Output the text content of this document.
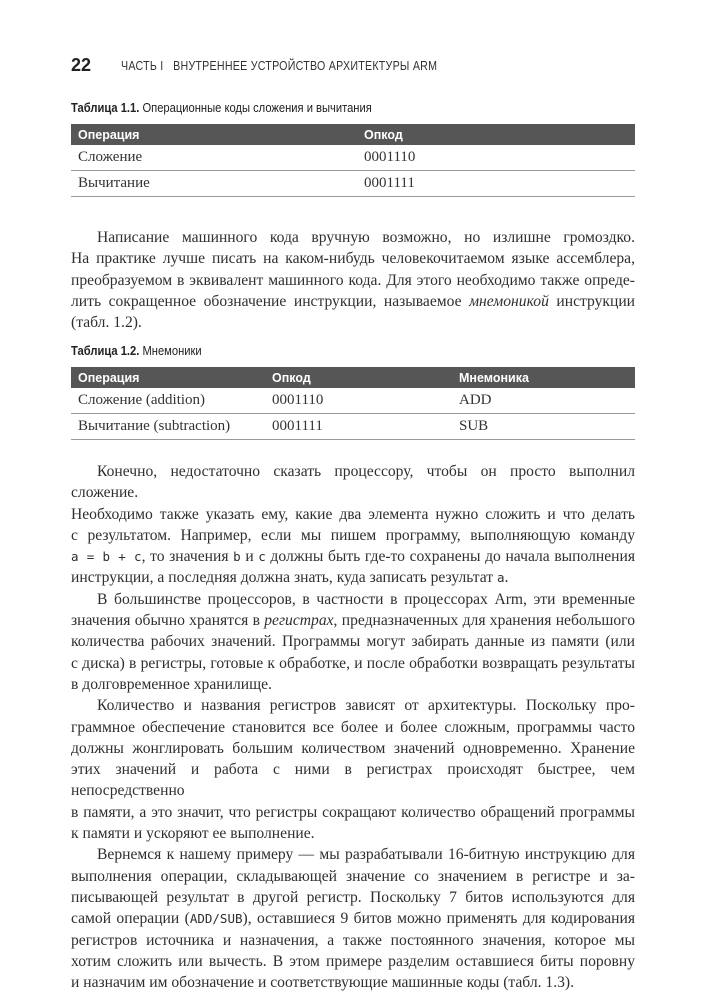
22 ЧАСТЬ I   ВНУТРЕННЕЕ УСТРОЙСТВО АРХИТЕКТУРЫ ARM
Таблица 1.1. Операционные коды сложения и вычитания
Операция	Опкод
Сложение	0001110
Вычитание	0001111
Написание машинного кода вручную возможно, но излишне громоздко.
На практике лучше писать на каком-нибудь человекочитаемом языке ассемблера,
преобразуемом в эквивалент машинного кода. Для этого необходимо также опреде-
лить сокращенное обозначение инструкции, называемое мнемоникой инструкции
(табл. 1.2).
Таблица 1.2. Мнемоники
Операция	Опкод	Мнемоника
Сложение (addition)	0001110	ADD
Вычитание (subtraction)	0001111	SUB
Конечно, недостаточно сказать процессору, чтобы он просто выполнил сложение.
Необходимо также указать ему, какие два элемента нужно сложить и что делать
с результатом. Например, если мы пишем программу, выполняющую команду
a = b + c, то значения b и c должны быть где-то сохранены до начала выполнения
инструкции, а последняя должна знать, куда записать результат a.
В большинстве процессоров, в частности в процессорах Arm, эти временные
значения обычно хранятся в регистрах, предназначенных для хранения небольшого
количества рабочих значений. Программы могут забирать данные из памяти (или
с диска) в регистры, готовые к обработке, и после обработки возвращать результаты
в долговременное хранилище.
Количество и названия регистров зависят от архитектуры. Поскольку про-
граммное обеспечение становится все более и более сложным, программы часто
должны жонглировать большим количеством значений одновременно. Хранение
этих значений и работа с ними в регистрах происходят быстрее, чем непосредственно
в памяти, а это значит, что регистры сокращают количество обращений программы
к памяти и ускоряют ее выполнение.
Вернемся к нашему примеру — мы разрабатывали 16-битную инструкцию для
выполнения операции, складывающей значение со значением в регистре и за-
писывающей результат в другой регистр. Поскольку 7 битов используются для
самой операции (ADD/SUB), оставшиеся 9 битов можно применять для кодирования
регистров источника и назначения, а также постоянного значения, которое мы
хотим сложить или вычесть. В этом примере разделим оставшиеся биты поровну
и назначим им обозначение и соответствующие машинные коды (табл. 1.3).
